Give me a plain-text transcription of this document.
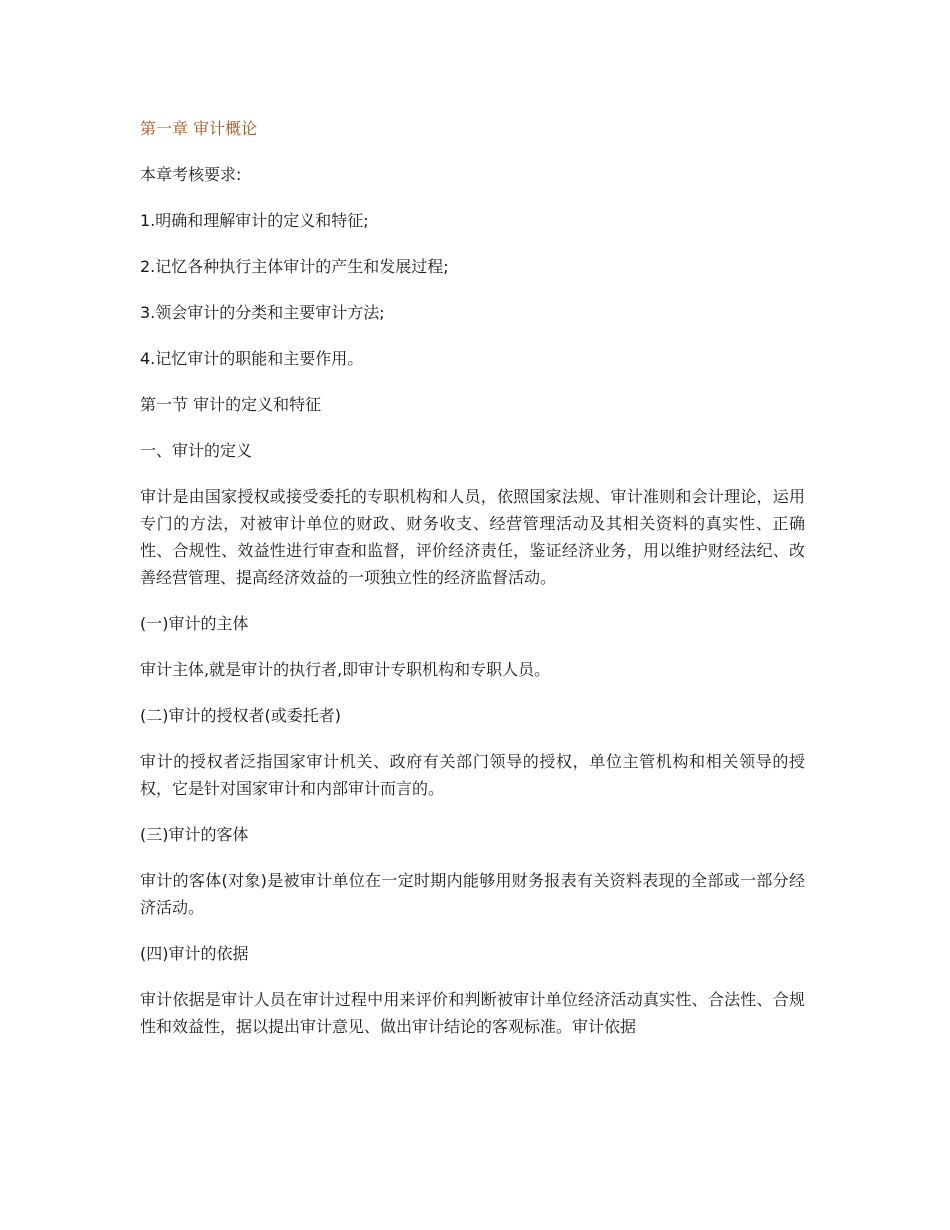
第一章 审计概论

本章考核要求:

1.明确和理解审计的定义和特征;

2.记忆各种执行主体审计的产生和发展过程;

3.领会审计的分类和主要审计方法;

4.记忆审计的职能和主要作用。

第一节 审计的定义和特征

一、审计的定义

审计是由国家授权或接受委托的专职机构和人员，依照国家法规、审计准则和会计理论，运用专门的方法，对被审计单位的财政、财务收支、经营管理活动及其相关资料的真实性、正确性、合规性、效益性进行审查和监督，评价经济责任，鉴证经济业务，用以维护财经法纪、改善经营管理、提高经济效益的一项独立性的经济监督活动。

(一)审计的主体

审计主体,就是审计的执行者,即审计专职机构和专职人员。

(二)审计的授权者(或委托者)

审计的授权者泛指国家审计机关、政府有关部门领导的授权，单位主管机构和相关领导的授权，它是针对国家审计和内部审计而言的。

(三)审计的客体

审计的客体(对象)是被审计单位在一定时期内能够用财务报表有关资料表现的全部或一部分经济活动。

(四)审计的依据

审计依据是审计人员在审计过程中用来评价和判断被审计单位经济活动真实性、合法性、合规性和效益性，据以提出审计意见、做出审计结论的客观标准。审计依据
